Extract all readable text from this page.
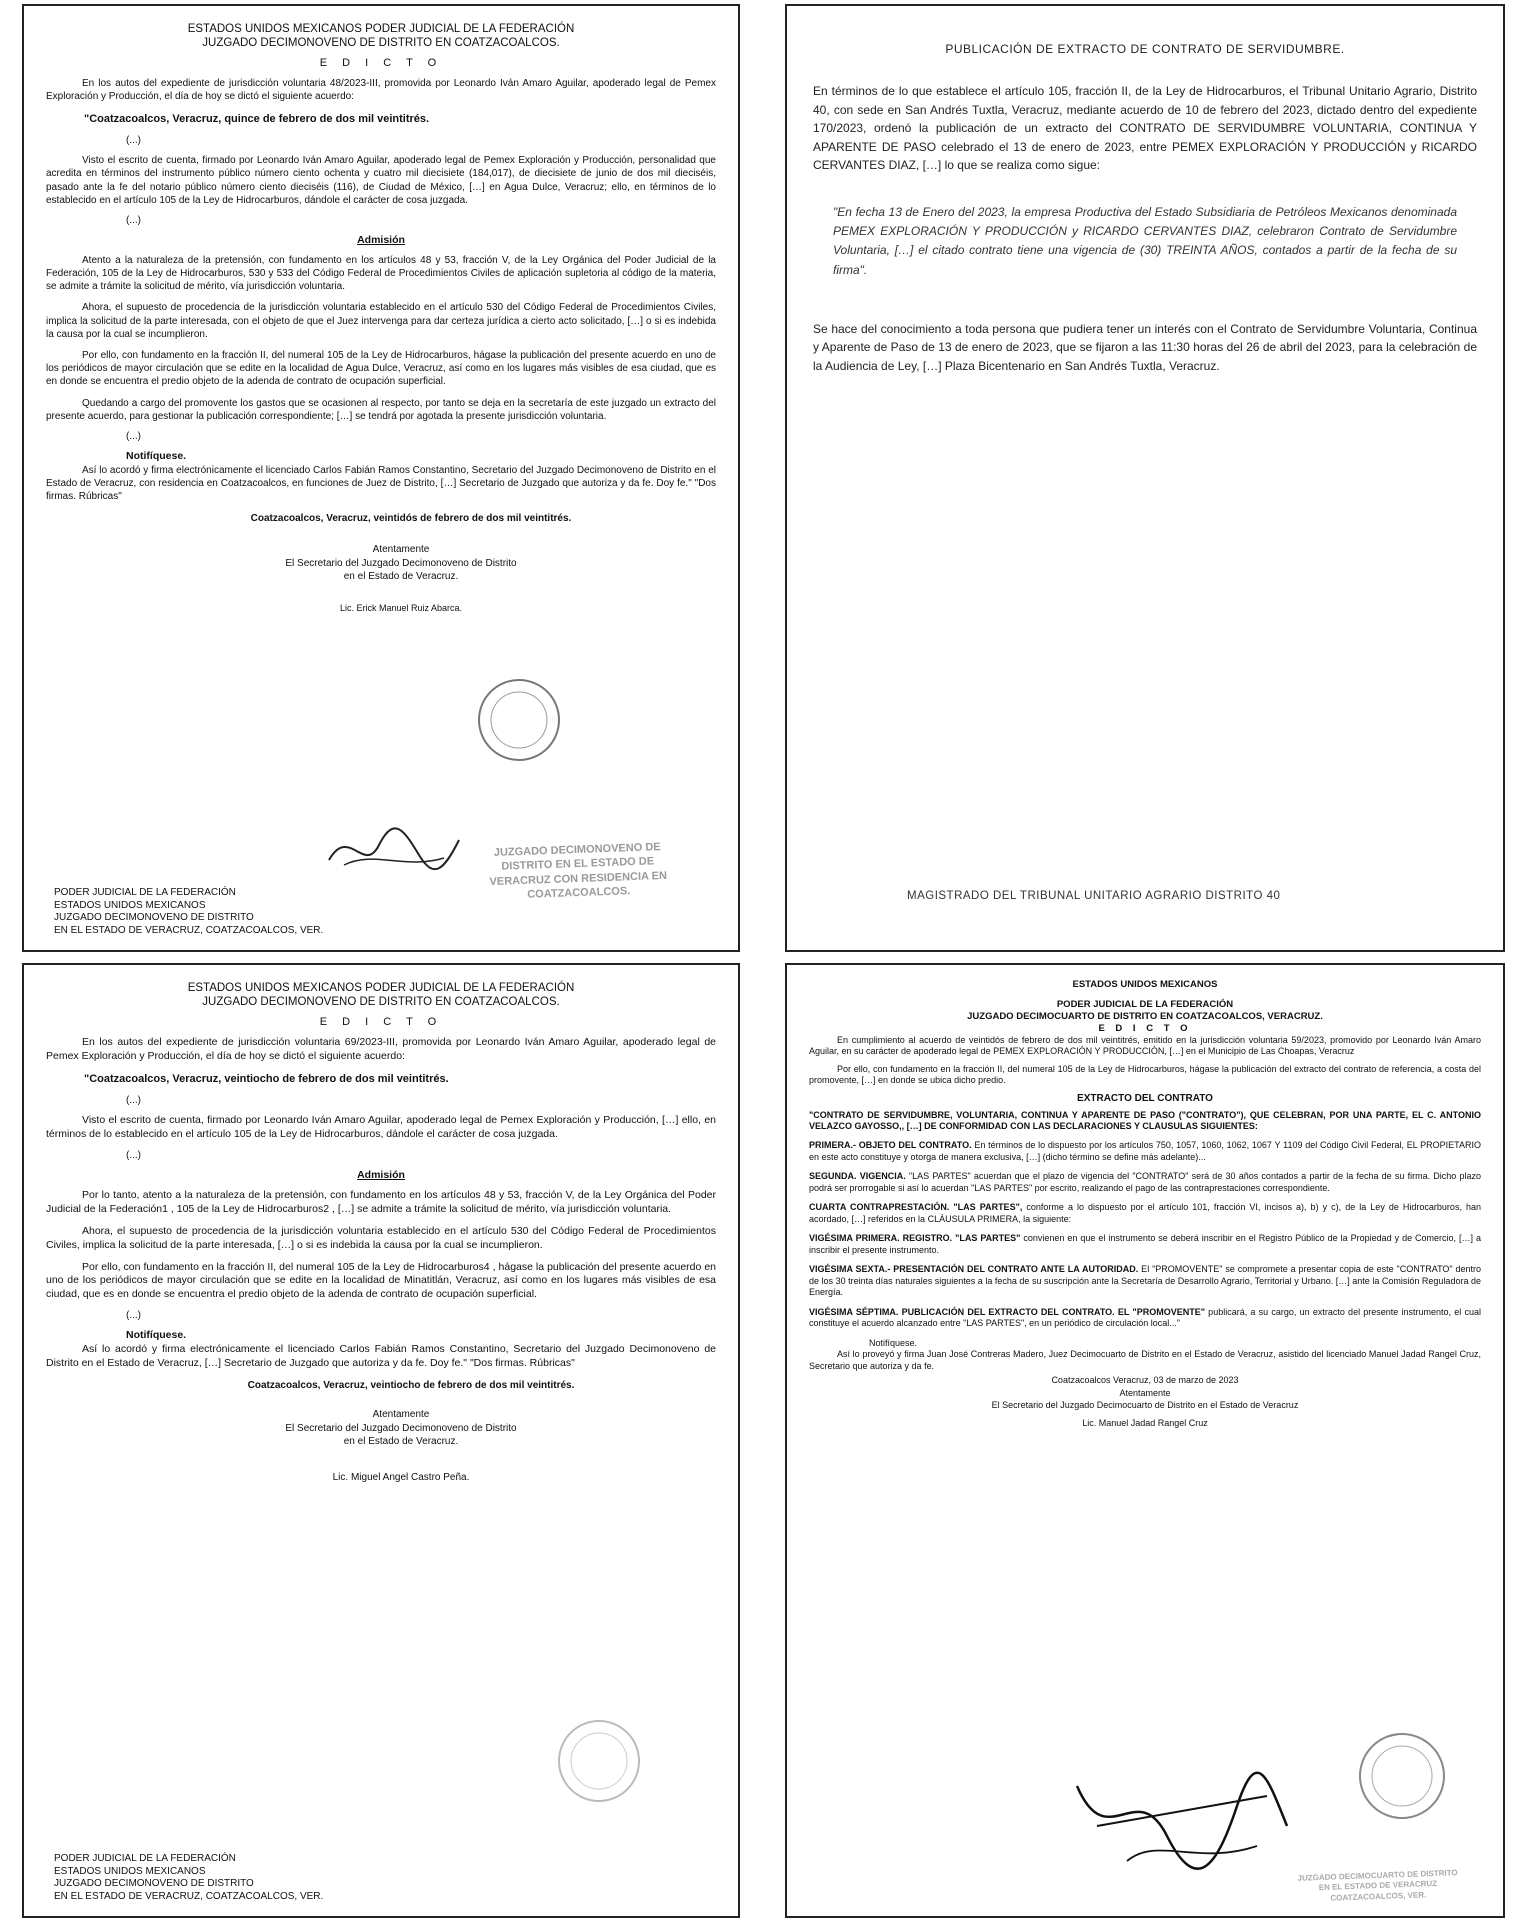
ESTADOS UNIDOS MEXICANOS PODER JUDICIAL DE LA FEDERACIÓN

JUZGADO DECIMONOVENO DE DISTRITO EN COATZACOALCOS.

E D I C T O

En los autos del expediente de jurisdicción voluntaria 48/2023-III, promovida por Leonardo Iván Amaro Aguilar, apoderado legal de Pemex Exploración y Producción, el día de hoy se dictó el siguiente acuerdo:

"Coatzacoalcos, Veracruz, quince de febrero de dos mil veintitrés.

(...)

Visto el escrito de cuenta, firmado por Leonardo Iván Amaro Aguilar, apoderado legal de Pemex Exploración y Producción, personalidad que acredita en términos del instrumento público número ciento ochenta y cuatro mil diecisiete (184,017), de diecisiete de junio de dos mil dieciséis, pasado ante la fe del notario público número ciento dieciséis (116), de Ciudad de México, […] en Agua Dulce, Veracruz; ello, en términos de lo establecido en el artículo 105 de la Ley de Hidrocarburos, dándole el carácter de cosa juzgada.

(...)

Admisión

Atento a la naturaleza de la pretensión, con fundamento en los artículos 48 y 53, fracción V, de la Ley Orgánica del Poder Judicial de la Federación, 105 de la Ley de Hidrocarburos, 530 y 533 del Código Federal de Procedimientos Civiles de aplicación supletoria al código de la materia, se admite a trámite la solicitud de mérito, vía jurisdicción voluntaria.

Ahora, el supuesto de procedencia de la jurisdicción voluntaria establecido en el artículo 530 del Código Federal de Procedimientos Civiles, implica la solicitud de la parte interesada, con el objeto de que el Juez intervenga para dar certeza jurídica a cierto acto solicitado, […] o si es indebida la causa por la cual se incumplieron.

Por ello, con fundamento en la fracción II, del numeral 105 de la Ley de Hidrocarburos, hágase la publicación del presente acuerdo en uno de los periódicos de mayor circulación que se edite en la localidad de Agua Dulce, Veracruz, así como en los lugares más visibles de esa ciudad, que es en donde se encuentra el predio objeto de la adenda de contrato de ocupación superficial.

Quedando a cargo del promovente los gastos que se ocasionen al respecto, por tanto se deja en la secretaría de este juzgado un extracto del presente acuerdo, para gestionar la publicación correspondiente; […] se tendrá por agotada la presente jurisdicción voluntaria.

(...)

Notifíquese.

Así lo acordó y firma electrónicamente el licenciado Carlos Fabián Ramos Constantino, Secretario del Juzgado Decimonoveno de Distrito en el Estado de Veracruz, con residencia en Coatzacoalcos, en funciones de Juez de Distrito, […] Secretario de Juzgado que autoriza y da fe. Doy fe." "Dos firmas. Rúbricas"

Coatzacoalcos, Veracruz, veintidós de febrero de dos mil veintitrés.

Atentamente

El Secretario del Juzgado Decimonoveno de Distrito

en el Estado de Veracruz.

Lic. Erick Manuel Ruiz Abarca.

JUZGADO DECIMONOVENO DE DISTRITO EN EL ESTADO DE VERACRUZ CON RESIDENCIA EN COATZACOALCOS.
PODER JUDICIAL DE LA FEDERACIÓN
ESTADOS UNIDOS MEXICANOS
JUZGADO DECIMONOVENO DE DISTRITO
EN EL ESTADO DE VERACRUZ, COATZACOALCOS, VER.

PUBLICACIÓN DE EXTRACTO DE CONTRATO DE SERVIDUMBRE.

En términos de lo que establece el artículo 105, fracción II, de la Ley de Hidrocarburos, el Tribunal Unitario Agrario, Distrito 40, con sede en San Andrés Tuxtla, Veracruz, mediante acuerdo de 10 de febrero del 2023, dictado dentro del expediente 170/2023, ordenó la publicación de un extracto del CONTRATO DE SERVIDUMBRE VOLUNTARIA, CONTINUA Y APARENTE DE PASO celebrado el 13 de enero de 2023, entre PEMEX EXPLORACIÓN Y PRODUCCIÓN y RICARDO CERVANTES DIAZ, […] lo que se realiza como sigue:

"En fecha 13 de Enero del 2023, la empresa Productiva del Estado Subsidiaria de Petróleos Mexicanos denominada PEMEX EXPLORACIÓN Y PRODUCCIÓN y RICARDO CERVANTES DIAZ, celebraron Contrato de Servidumbre Voluntaria, […] el citado contrato tiene una vigencia de (30) TREINTA AÑOS, contados a partir de la fecha de su firma".

Se hace del conocimiento a toda persona que pudiera tener un interés con el Contrato de Servidumbre Voluntaria, Continua y Aparente de Paso de 13 de enero de 2023, que se fijaron a las 11:30 horas del 26 de abril del 2023, para la celebración de la Audiencia de Ley, […] Plaza Bicentenario en San Andrés Tuxtla, Veracruz.

MAGISTRADO DEL TRIBUNAL UNITARIO AGRARIO DISTRITO 40

ESTADOS UNIDOS MEXICANOS PODER JUDICIAL DE LA FEDERACIÓN

JUZGADO DECIMONOVENO DE DISTRITO EN COATZACOALCOS.

E D I C T O

En los autos del expediente de jurisdicción voluntaria 69/2023-III, promovida por Leonardo Iván Amaro Aguilar, apoderado legal de Pemex Exploración y Producción, el día de hoy se dictó el siguiente acuerdo:

"Coatzacoalcos, Veracruz, veintiocho de febrero de dos mil veintitrés.

(...)

Visto el escrito de cuenta, firmado por Leonardo Iván Amaro Aguilar, apoderado legal de Pemex Exploración y Producción, […] ello, en términos de lo establecido en el artículo 105 de la Ley de Hidrocarburos, dándole el carácter de cosa juzgada.

(...)

Admisión

Por lo tanto, atento a la naturaleza de la pretensión, con fundamento en los artículos 48 y 53, fracción V, de la Ley Orgánica del Poder Judicial de la Federación1 , 105 de la Ley de Hidrocarburos2 , […] se admite a trámite la solicitud de mérito, vía jurisdicción voluntaria.

Ahora, el supuesto de procedencia de la jurisdicción voluntaria establecido en el artículo 530 del Código Federal de Procedimientos Civiles, implica la solicitud de la parte interesada, […] o si es indebida la causa por la cual se incumplieron.

Por ello, con fundamento en la fracción II, del numeral 105 de la Ley de Hidrocarburos4 , hágase la publicación del presente acuerdo en uno de los periódicos de mayor circulación que se edite en la localidad de Minatitlán, Veracruz, así como en los lugares más visibles de esa ciudad, que es en donde se encuentra el predio objeto de la adenda de contrato de ocupación superficial.

(...)

Notifíquese.

Así lo acordó y firma electrónicamente el licenciado Carlos Fabián Ramos Constantino, Secretario del Juzgado Decimonoveno de Distrito en el Estado de Veracruz, […] Secretario de Juzgado que autoriza y da fe. Doy fe." "Dos firmas. Rúbricas"

Coatzacoalcos, Veracruz, veintiocho de febrero de dos mil veintitrés.

Atentamente

El Secretario del Juzgado Decimonoveno de Distrito

en el Estado de Veracruz.

Lic. Miguel Angel Castro Peña.

PODER JUDICIAL DE LA FEDERACIÓN
ESTADOS UNIDOS MEXICANOS
JUZGADO DECIMONOVENO DE DISTRITO
EN EL ESTADO DE VERACRUZ, COATZACOALCOS, VER.

ESTADOS UNIDOS MEXICANOS

PODER JUDICIAL DE LA FEDERACIÓN

JUZGADO DECIMOCUARTO DE DISTRITO EN COATZACOALCOS, VERACRUZ.

E D I C T O

En cumplimiento al acuerdo de veintidós de febrero de dos mil veintitrés, emitido en la jurisdicción voluntaria 59/2023, promovido por Leonardo Iván Amaro Aguilar, en su carácter de apoderado legal de PEMEX EXPLORACIÓN Y PRODUCCIÓN, […] en el Municipio de Las Choapas, Veracruz

Por ello, con fundamento en la fracción II, del numeral 105 de la Ley de Hidrocarburos, hágase la publicación del extracto del contrato de referencia, a costa del promovente, […] en donde se ubica dicho predio.

EXTRACTO DEL CONTRATO

"CONTRATO DE SERVIDUMBRE, VOLUNTARIA, CONTINUA Y APARENTE DE PASO ("CONTRATO"), QUE CELEBRAN, POR UNA PARTE, EL C. ANTONIO VELAZCO GAYOSSO,, […] DE CONFORMIDAD CON LAS DECLARACIONES Y CLAUSULAS SIGUIENTES:

PRIMERA.- OBJETO DEL CONTRATO. En términos de lo dispuesto por los artículos 750, 1057, 1060, 1062, 1067 Y 1109 del Código Civil Federal, EL PROPIETARIO en este acto constituye y otorga de manera exclusiva, […] (dicho término se define más adelante)...

SEGUNDA. VIGENCIA. "LAS PARTES" acuerdan que el plazo de vigencia del "CONTRATO" será de 30 años contados a partir de la fecha de su firma. Dicho plazo podrá ser prorrogable si así lo acuerdan "LAS PARTES" por escrito, realizando el pago de las contraprestaciones correspondiente.

CUARTA CONTRAPRESTACIÓN. "LAS PARTES", conforme a lo dispuesto por el artículo 101, fracción VI, incisos a), b) y c), de la Ley de Hidrocarburos, han acordado, […] referidos en la CLÁUSULA PRIMERA, la siguiente:

VIGÉSIMA PRIMERA. REGISTRO. "LAS PARTES" convienen en que el instrumento se deberá inscribir en el Registro Público de la Propiedad y de Comercio, […] a inscribir el presente instrumento.

VIGÉSIMA SEXTA.- PRESENTACIÓN DEL CONTRATO ANTE LA AUTORIDAD. El "PROMOVENTE" se compromete a presentar copia de este "CONTRATO" dentro de los 30 treinta días naturales siguientes a la fecha de su suscripción ante la Secretaría de Desarrollo Agrario, Territorial y Urbano. […] ante la Comisión Reguladora de Energía.

VIGÉSIMA SÉPTIMA. PUBLICACIÓN DEL EXTRACTO DEL CONTRATO. EL "PROMOVENTE" publicará, a su cargo, un extracto del presente instrumento, el cual constituye el acuerdo alcanzado entre "LAS PARTES", en un periódico de circulación local..."

Notifíquese.

Así lo proveyó y firma Juan José Contreras Madero, Juez Decimocuarto de Distrito en el Estado de Veracruz, asistido del licenciado Manuel Jadad Rangel Cruz, Secretario que autoriza y da fe.

Coatzacoalcos Veracruz, 03 de marzo de 2023

Atentamente

El Secretario del Juzgado Decimocuarto de Distrito en el Estado de Veracruz

Lic. Manuel Jadad Rangel Cruz

JUZGADO DECIMOCUARTO DE DISTRITO EN EL ESTADO DE VERACRUZ COATZACOALCOS, VER.
